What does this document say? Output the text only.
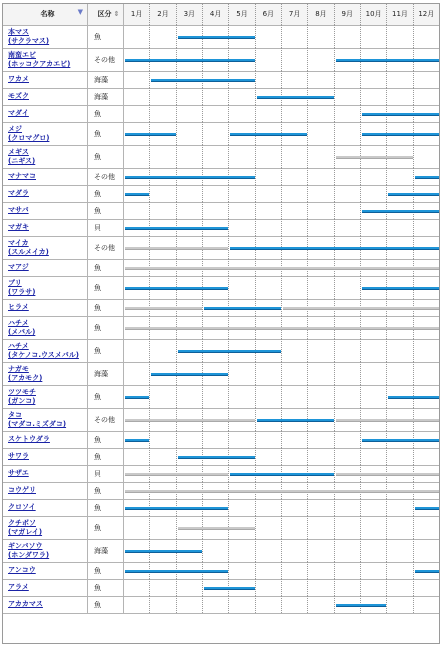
名称	▼ 区分 ⇕	1月	2月	3月	4月	5月	6月	7月	8月	9月	10月	11月	12月
本マス
(サクラマス)	魚
南蛮エビ
(ホッコクアカエビ)	その他
ワカメ	海藻
モズク	海藻
マダイ	魚
メジ
(クロマグロ)	魚
メギス
(ニギス)	魚
マナマコ	その他
マダラ	魚
マサバ	魚
マガキ	貝
マイカ
(スルメイカ)	その他
マアジ	魚
ブリ
(ワラサ)	魚
ヒラメ	魚
ハチメ
(メバル)	魚
ハチメ
(タケノコ.ウスメバル)	魚
ナガモ
(アカモク)	海藻
ツツモチ
(ガンコ)	魚
タコ
(マダコ.ミズダコ)	その他
スケトウダラ	魚
サワラ	魚
サザエ	貝
コウゲリ	魚
クロソイ	魚
クチボソ
(マガレイ)	魚
ギンバソウ
(ホンダワラ)	海藻
アンコウ	魚
アラメ	魚
アカカマス	魚
